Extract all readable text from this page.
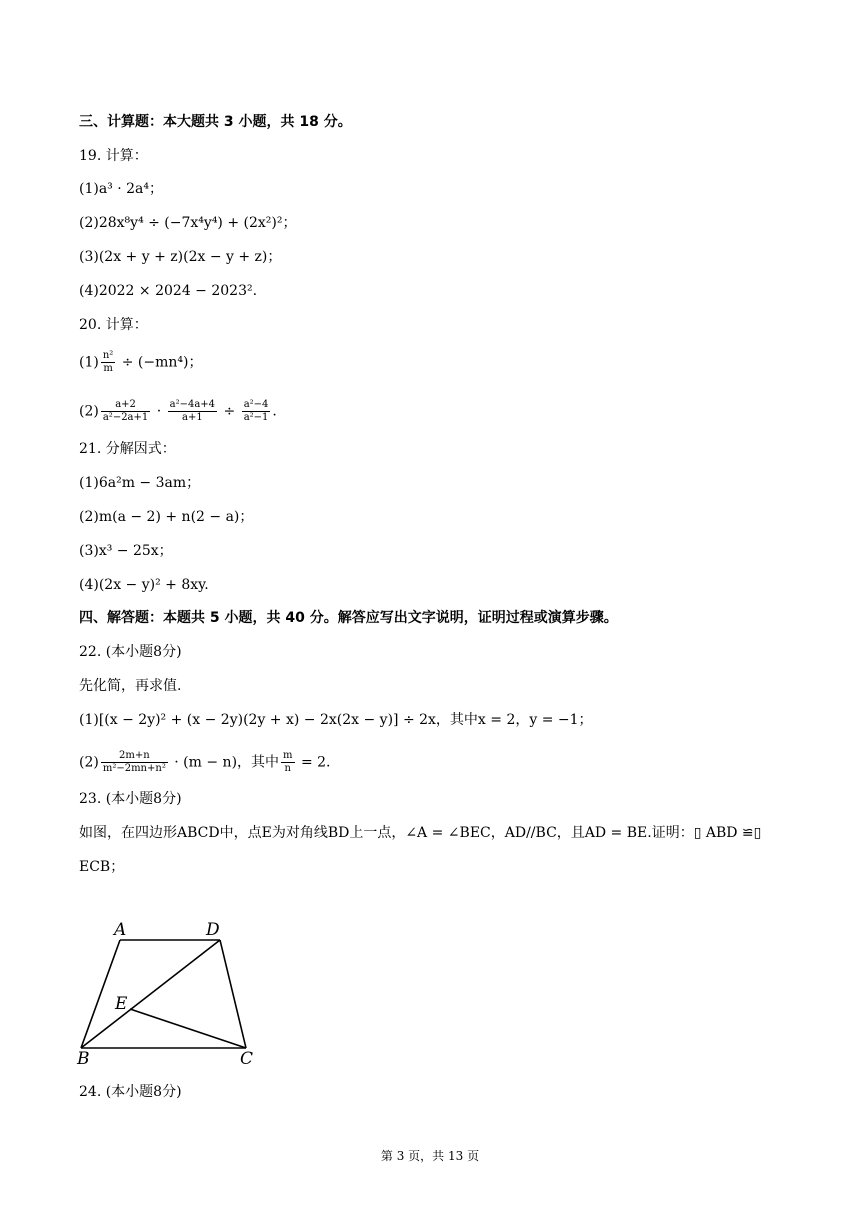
三、计算题：本大题共 3 小题，共 18 分。
19. 计算：
(1)a³ · 2a⁴；
(2)28x⁸y⁴ ÷ (−7x⁴y⁴) + (2x²)²；
(3)(2x + y + z)(2x − y + z)；
(4)2022 × 2024 − 2023².
20. 计算：
$(1) \frac{\text{n²}}{m} \div (-mn^4)$；
$(2) \frac{a+2}{\text{a²−2a+1}} \cdot \frac{\text{a²−4a+4}}{a+1} \div \frac{\text{a²−4}}{\text{a²−1}}$ .
21. 分解因式：
(1)6a²m − 3am；
(2)m(a − 2) + n(2 − a)；
(3)x³ − 25x；
(4)(2x − y)² + 8xy.
四、解答题：本题共 5 小题，共 40 分。解答应写出文字说明，证明过程或演算步骤。
22. (本小题8分)
先化简，再求值.
(1)[(x − 2y)² + (x − 2y)(2y + x) − 2x(2x − y)] ÷ 2x，其中x = 2，y = −1；
$(2) \frac{2m+n}{\text{m²−2mn+n²}} \cdot (m - n)$，其中 $\frac{m}{n} = 2$.
23. (本小题8分)
如图，在四边形ABCD中，点E为对角线BD上一点，∠A = ∠BEC，AD//BC，且AD = BE.证明：▯ ABD ≌▯
ECB；
A	D
E
B	C
24. (本小题8分)
第 3 页，共 13 页
